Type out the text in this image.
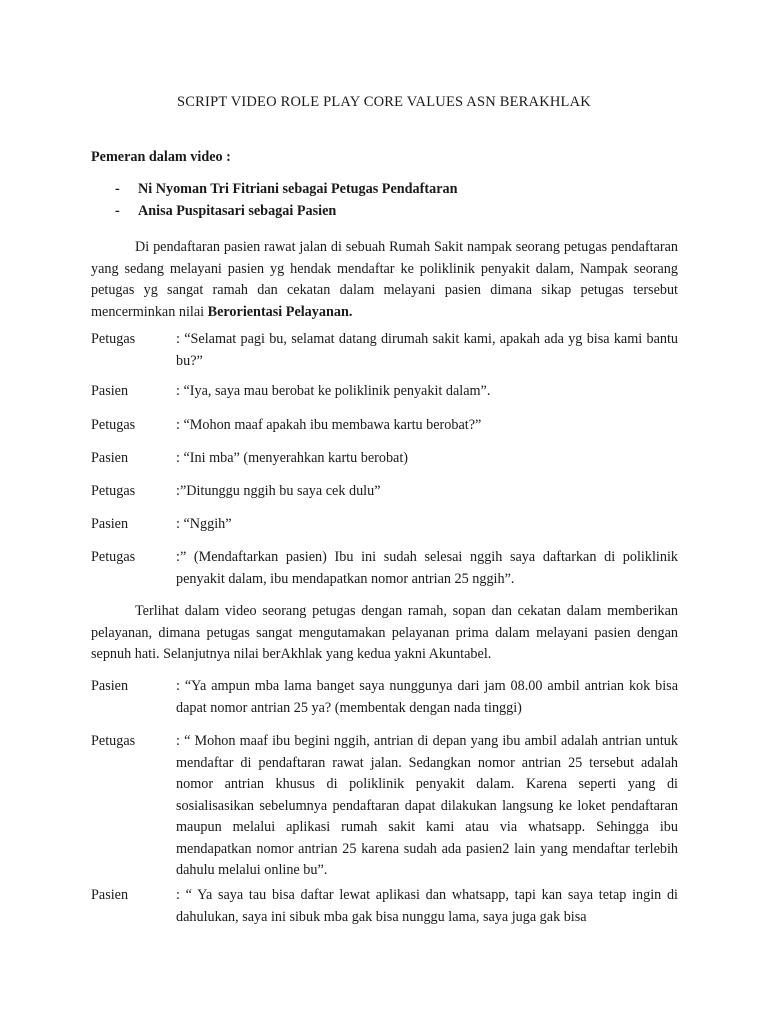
SCRIPT VIDEO ROLE PLAY CORE VALUES ASN BERAKHLAK
Pemeran dalam video :
-	Ni Nyoman Tri Fitriani sebagai Petugas Pendaftaran
-	Anisa Puspitasari sebagai Pasien

Di pendaftaran pasien rawat jalan di sebuah Rumah Sakit nampak seorang petugas pendaftaran yang sedang melayani pasien yg hendak mendaftar ke poliklinik penyakit dalam, Nampak seorang petugas yg sangat ramah dan cekatan dalam melayani pasien dimana sikap petugas tersebut mencerminkan nilai Berorientasi Pelayanan.

Petugas	: “Selamat pagi bu, selamat datang dirumah sakit kami, apakah ada yg bisa kami bantu bu?”
Pasien	: “Iya, saya mau berobat ke poliklinik penyakit dalam”.
Petugas	: “Mohon maaf apakah ibu membawa kartu berobat?”
Pasien	: “Ini mba” (menyerahkan kartu berobat)
Petugas	:”Ditunggu nggih bu saya cek dulu”
Pasien	: “Nggih”
Petugas	:” (Mendaftarkan pasien) Ibu ini sudah selesai nggih saya daftarkan di poliklinik penyakit dalam, ibu mendapatkan nomor antrian 25 nggih”.

Terlihat dalam video seorang petugas dengan ramah, sopan dan cekatan dalam memberikan pelayanan, dimana petugas sangat mengutamakan pelayanan prima dalam melayani pasien dengan sepnuh hati. Selanjutnya nilai berAkhlak yang kedua yakni Akuntabel.

Pasien	: “Ya ampun mba lama banget saya nunggunya dari jam 08.00 ambil antrian kok bisa dapat nomor antrian 25 ya? (membentak dengan nada tinggi)
Petugas	: “ Mohon maaf ibu begini nggih, antrian di depan yang ibu ambil adalah antrian untuk mendaftar di pendaftaran rawat jalan. Sedangkan nomor antrian 25 tersebut adalah nomor antrian khusus di poliklinik penyakit dalam. Karena seperti yang di sosialisasikan sebelumnya pendaftaran dapat dilakukan langsung ke loket pendaftaran maupun melalui aplikasi rumah sakit kami atau via whatsapp. Sehingga ibu mendapatkan nomor antrian 25 karena sudah ada pasien2 lain yang mendaftar terlebih dahulu melalui online bu”.
Pasien	: “ Ya saya tau bisa daftar lewat aplikasi dan whatsapp, tapi kan saya tetap ingin di dahulukan, saya ini sibuk mba gak bisa nunggu lama, saya juga gak bisa
